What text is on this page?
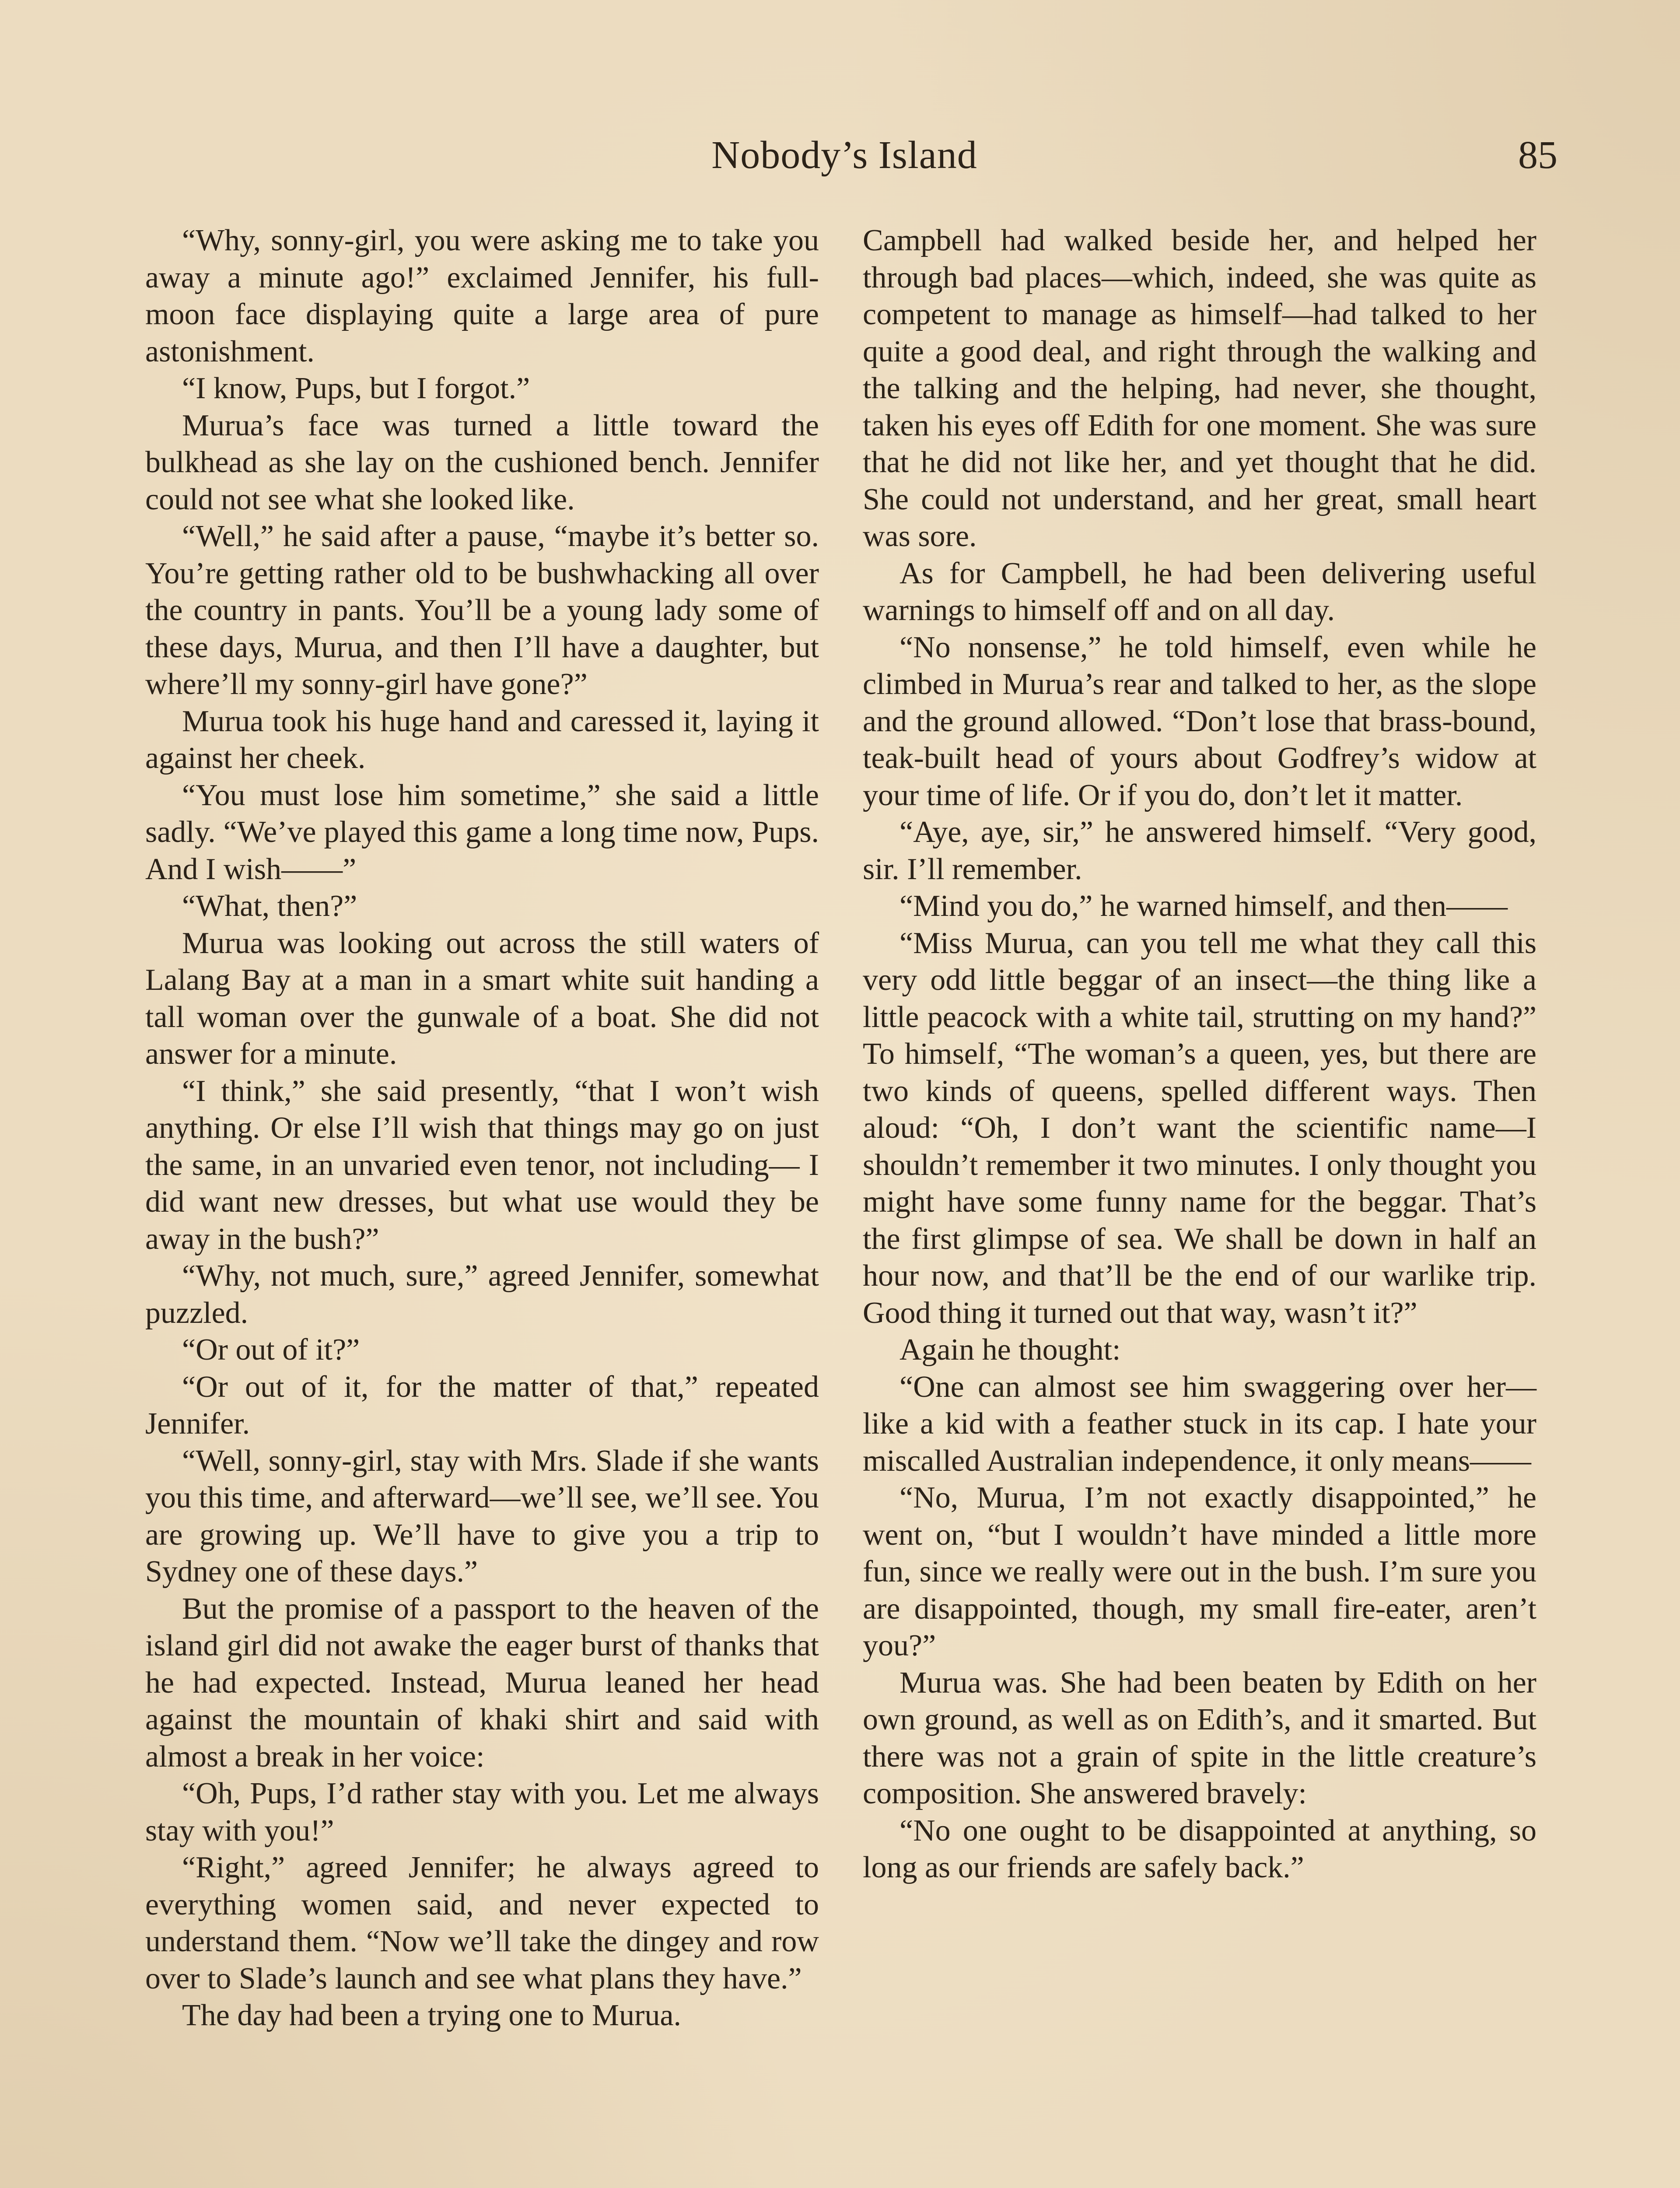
Nobody’s Island	85

“Why, sonny-girl, you were asking me to take you away a minute ago!” exclaimed Jennifer, his full-moon face displaying quite a large area of pure astonishment.

“I know, Pups, but I forgot.”

Murua’s face was turned a little toward the bulkhead as she lay on the cushioned bench. Jennifer could not see what she looked like.

“Well,” he said after a pause, “maybe it’s better so. You’re getting rather old to be bushwhacking all over the country in pants. You’ll be a young lady some of these days, Murua, and then I’ll have a daughter, but where’ll my sonny-girl have gone?”

Murua took his huge hand and caressed it, laying it against her cheek.

“You must lose him sometime,” she said a little sadly. “We’ve played this game a long time now, Pups. And I wish——”

“What, then?”

Murua was looking out across the still waters of Lalang Bay at a man in a smart white suit handing a tall woman over the gunwale of a boat. She did not answer for a minute.

“I think,” she said presently, “that I won’t wish anything. Or else I’ll wish that things may go on just the same, in an unvaried even tenor, not including— I did want new dresses, but what use would they be away in the bush?”

“Why, not much, sure,” agreed Jennifer, somewhat puzzled.

“Or out of it?”

“Or out of it, for the matter of that,” repeated Jennifer.

“Well, sonny-girl, stay with Mrs. Slade if she wants you this time, and afterward—we’ll see, we’ll see. You are growing up. We’ll have to give you a trip to Sydney one of these days.”

But the promise of a passport to the heaven of the island girl did not awake the eager burst of thanks that he had expected. Instead, Murua leaned her head against the mountain of khaki shirt and said with almost a break in her voice:

“Oh, Pups, I’d rather stay with you. Let me always stay with you!”

“Right,” agreed Jennifer; he always agreed to everything women said, and never expected to understand them. “Now we’ll take the dingey and row over to Slade’s launch and see what plans they have.”

The day had been a trying one to Murua.

Campbell had walked beside her, and helped her through bad places—which, indeed, she was quite as competent to manage as himself—had talked to her quite a good deal, and right through the walking and the talking and the helping, had never, she thought, taken his eyes off Edith for one moment. She was sure that he did not like her, and yet thought that he did. She could not understand, and her great, small heart was sore.

As for Campbell, he had been delivering useful warnings to himself off and on all day.

“No nonsense,” he told himself, even while he climbed in Murua’s rear and talked to her, as the slope and the ground allowed. “Don’t lose that brass-bound, teak-built head of yours about Godfrey’s widow at your time of life. Or if you do, don’t let it matter.

“Aye, aye, sir,” he answered himself. “Very good, sir. I’ll remember.

“Mind you do,” he warned himself, and then——

“Miss Murua, can you tell me what they call this very odd little beggar of an insect—the thing like a little peacock with a white tail, strutting on my hand?” To himself, “The woman’s a queen, yes, but there are two kinds of queens, spelled different ways. Then aloud: “Oh, I don’t want the scientific name—I shouldn’t remember it two minutes. I only thought you might have some funny name for the beggar. That’s the first glimpse of sea. We shall be down in half an hour now, and that’ll be the end of our warlike trip. Good thing it turned out that way, wasn’t it?”

Again he thought:

“One can almost see him swaggering over her—like a kid with a feather stuck in its cap. I hate your miscalled Australian independence, it only means——

“No, Murua, I’m not exactly disappointed,” he went on, “but I wouldn’t have minded a little more fun, since we really were out in the bush. I’m sure you are disappointed, though, my small fire-eater, aren’t you?”

Murua was. She had been beaten by Edith on her own ground, as well as on Edith’s, and it smarted. But there was not a grain of spite in the little creature’s composition. She answered bravely:

“No one ought to be disappointed at anything, so long as our friends are safely back.”
